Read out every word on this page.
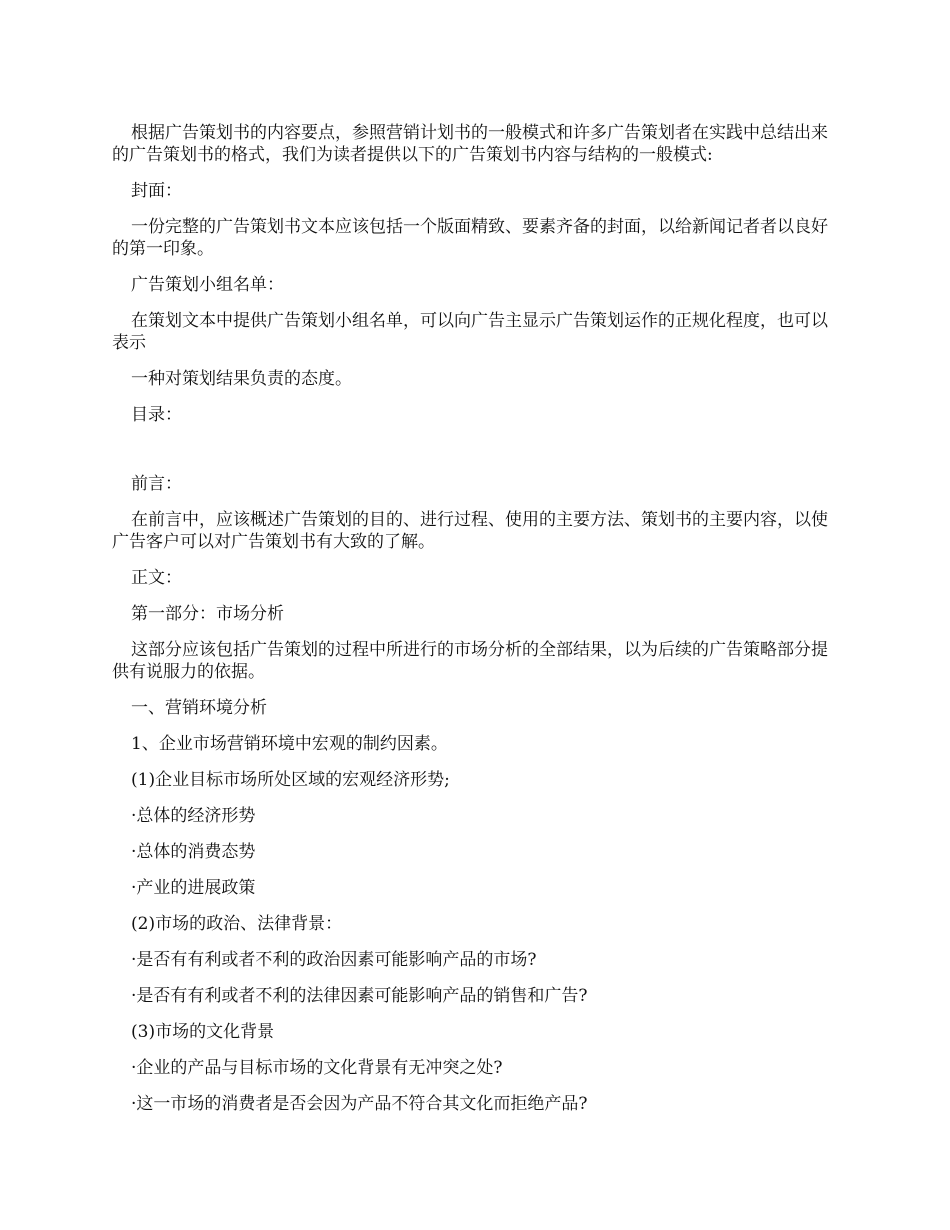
根据广告策划书的内容要点，参照营销计划书的一般模式和许多广告策划者在实践中总结出来的广告策划书的格式，我们为读者提供以下的广告策划书内容与结构的一般模式:

封面：

一份完整的广告策划书文本应该包括一个版面精致、要素齐备的封面，以给新闻记者者以良好的第一印象。

广告策划小组名单：

在策划文本中提供广告策划小组名单，可以向广告主显示广告策划运作的正规化程度，也可以表示

一种对策划结果负责的态度。

目录：

前言：

在前言中，应该概述广告策划的目的、进行过程、使用的主要方法、策划书的主要内容，以使广告客户可以对广告策划书有大致的了解。

正文：

第一部分：市场分析

这部分应该包括广告策划的过程中所进行的市场分析的全部结果，以为后续的广告策略部分提供有说服力的依据。

一、营销环境分析

1、企业市场营销环境中宏观的制约因素。

(1)企业目标市场所处区域的宏观经济形势;

·总体的经济形势

·总体的消费态势

·产业的进展政策

(2)市场的政治、法律背景：

·是否有有利或者不利的政治因素可能影响产品的市场?

·是否有有利或者不利的法律因素可能影响产品的销售和广告?

(3)市场的文化背景

·企业的产品与目标市场的文化背景有无冲突之处?

·这一市场的消费者是否会因为产品不符合其文化而拒绝产品?
